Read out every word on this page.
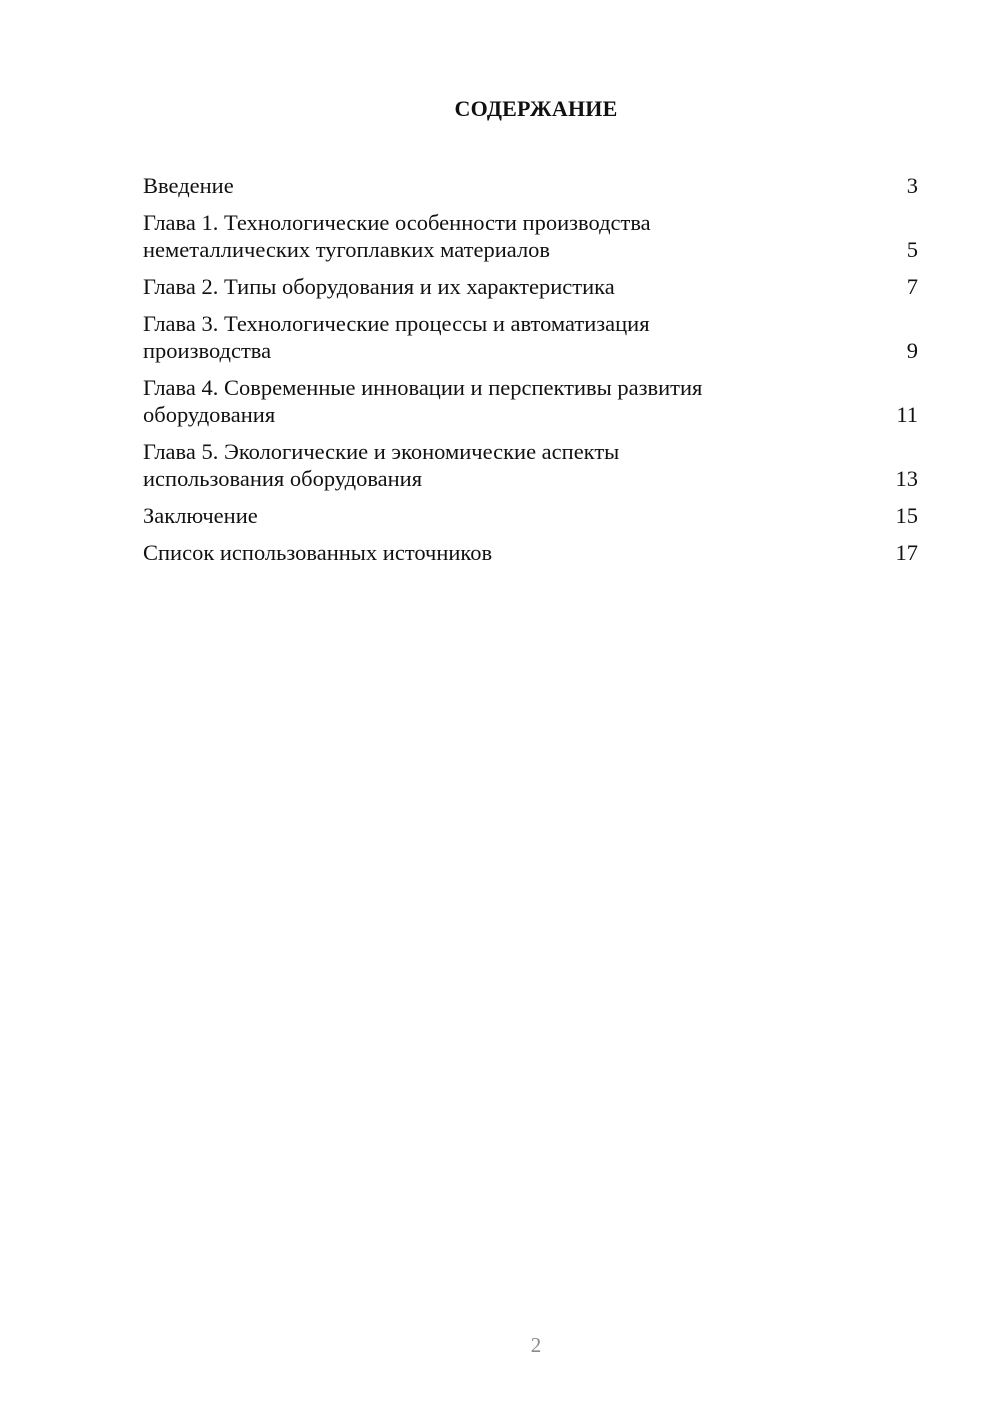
СОДЕРЖАНИЕ
Введение	3
Глава 1. Технологические особенности производства
неметаллических тугоплавких материалов	5
Глава 2. Типы оборудования и их характеристика	7
Глава 3. Технологические процессы и автоматизация
производства	9
Глава 4. Современные инновации и перспективы развития
оборудования	11
Глава 5. Экологические и экономические аспекты
использования оборудования	13
Заключение	15
Список использованных источников	17
2
